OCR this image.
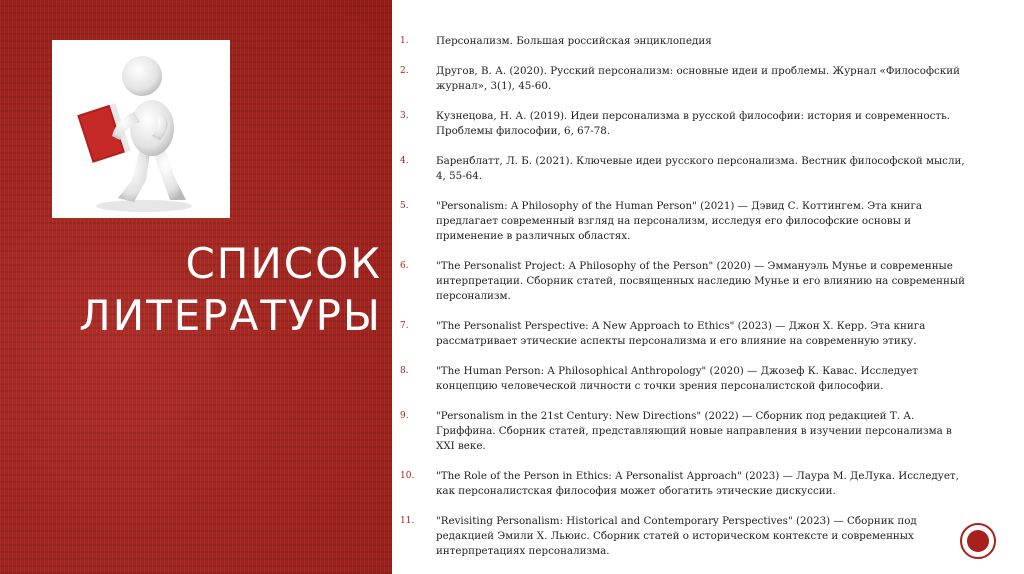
СПИСОК
ЛИТЕРАТУРЫ
1.	Персонализм. Большая российская энциклопедия
2.	Другов, В. А. (2020). Русский персонализм: основные идеи и проблемы. Журнал «Философский журнал», 3(1), 45-60.
3.	Кузнецова, Н. А. (2019). Идеи персонализма в русской философии: история и современность. Проблемы философии, 6, 67-78.
4.	Баренблатт, Л. Б. (2021). Ключевые идеи русского персонализма. Вестник философской мысли, 4, 55-64.
5.	"Personalism: A Philosophy of the Human Person" (2021) — Дэвид С. Коттингем. Эта книга предлагает современный взгляд на персонализм, исследуя его философские основы и применение в различных областях.
6.	"The Personalist Project: A Philosophy of the Person" (2020) — Эммануэль Мунье и современные интерпретации. Сборник статей, посвященных наследию Мунье и его влиянию на современный персонализм.
7.	"The Personalist Perspective: A New Approach to Ethics" (2023) — Джон Х. Керр. Эта книга рассматривает этические аспекты персонализма и его влияние на современную этику.
8.	"The Human Person: A Philosophical Anthropology" (2020) — Джозеф К. Кавас. Исследует концепцию человеческой личности с точки зрения персоналистской философии.
9.	"Personalism in the 21st Century: New Directions" (2022) — Сборник под редакцией Т. А. Гриффина. Сборник статей, представляющий новые направления в изучении персонализма в XXI веке.
10.	"The Role of the Person in Ethics: A Personalist Approach" (2023) — Лаура М. ДеЛука. Исследует, как персоналистская философия может обогатить этические дискуссии.
11.	"Revisiting Personalism: Historical and Contemporary Perspectives" (2023) — Сборник под редакцией Эмили Х. Льюис. Сборник статей о историческом контексте и современных интерпретациях персонализма.
